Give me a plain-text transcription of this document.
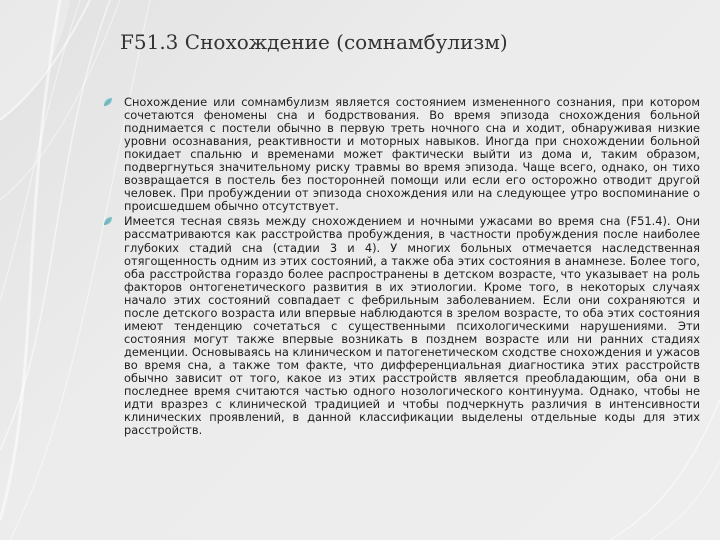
F51.3 Снохождение (сомнамбулизм)

Снохождение или сомнамбулизм является состоянием измененного сознания, при котором сочетаются феномены сна и бодрствования. Во время эпизода снохождения больной поднимается с постели обычно в первую треть ночного сна и ходит, обнаруживая низкие уровни осознавания, реактивности и моторных навыков. Иногда при снохождении больной покидает спальню и временами может фактически выйти из дома и, таким образом, подвергнуться значительному риску травмы во время эпизода. Чаще всего, однако, он тихо возвращается в постель без посторонней помощи или если его осторожно отводит другой человек. При пробуждении от эпизода снохождения или на следующее утро воспоминание о происшедшем обычно отсутствует.

Имеется тесная связь между снохождением и ночными ужасами во время сна (F51.4). Они рассматриваются как расстройства пробуждения, в частности пробуждения после наиболее глубоких стадий сна (стадии 3 и 4). У многих больных отмечается наследственная отягощенность одним из этих состояний, а также оба этих состояния в анамнезе. Более того, оба расстройства гораздо более распространены в детском возрасте, что указывает на роль факторов онтогенетического развития в их этиологии. Кроме того, в некоторых случаях начало этих состояний совпадает с фебрильным заболеванием. Если они сохраняются и после детского возраста или впервые наблюдаются в зрелом возрасте, то оба этих состояния имеют тенденцию сочетаться с существенными психологическими нарушениями. Эти состояния могут также впервые возникать в позднем возрасте или ни ранних стадиях деменции. Основываясь на клиническом и патогенетическом сходстве снохождения и ужасов во время сна, а также том факте, что дифференциальная диагностика этих расстройств обычно зависит от того, какое из этих расстройств является преобладающим, оба они в последнее время считаются частью одного нозологического континуума. Однако, чтобы не идти вразрез с клинической традицией и чтобы подчеркнуть различия в интенсивности клинических проявлений, в данной классификации выделены отдельные коды для этих расстройств.
